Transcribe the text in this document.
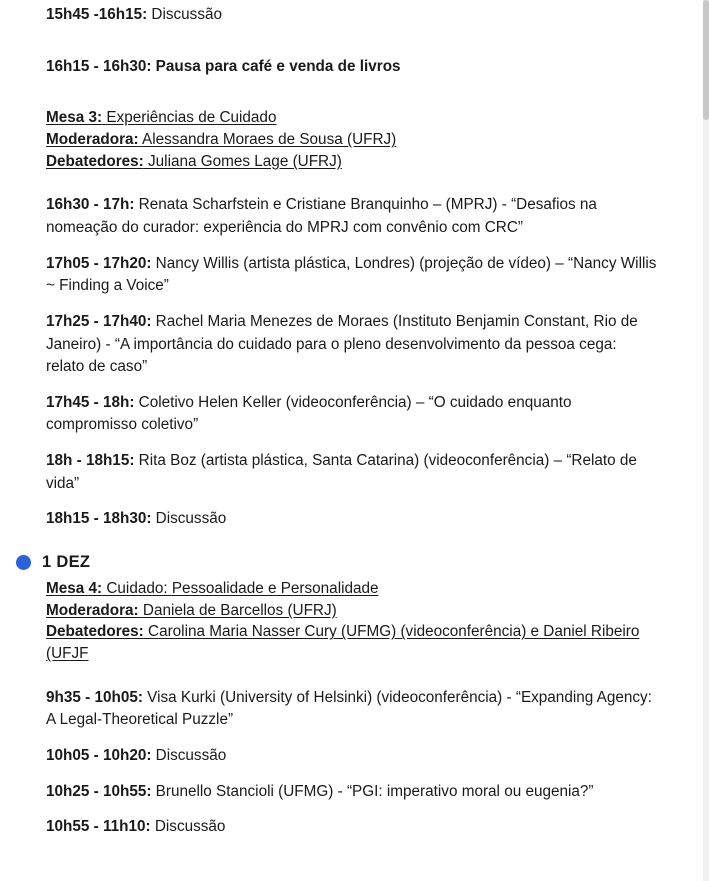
15h45 -16h15: Discussão

16h15 - 16h30: Pausa para café e venda de livros

Mesa 3: Experiências de Cuidado
Moderadora: Alessandra Moraes de Sousa (UFRJ)
Debatedores: Juliana Gomes Lage (UFRJ)

16h30 - 17h: Renata Scharfstein e Cristiane Branquinho – (MPRJ) - “Desafios na nomeação do curador: experiência do MPRJ com convênio com CRC”

17h05 - 17h20: Nancy Willis (artista plástica, Londres) (projeção de vídeo) – “Nancy Willis ~ Finding a Voice”

17h25 - 17h40: Rachel Maria Menezes de Moraes (Instituto Benjamin Constant, Rio de Janeiro) - “A importância do cuidado para o pleno desenvolvimento da pessoa cega: relato de caso”

17h45 - 18h: Coletivo Helen Keller (videoconferência) – “O cuidado enquanto compromisso coletivo”

18h - 18h15: Rita Boz (artista plástica, Santa Catarina) (videoconferência) – “Relato de vida”

18h15 - 18h30: Discussão

1 DEZ
Mesa 4: Cuidado: Pessoalidade e Personalidade
Moderadora: Daniela de Barcellos (UFRJ)
Debatedores: Carolina Maria Nasser Cury (UFMG) (videoconferência) e Daniel Ribeiro (UFJF

9h35 - 10h05: Visa Kurki (University of Helsinki) (videoconferência) - “Expanding Agency: A Legal-Theoretical Puzzle”

10h05 - 10h20: Discussão

10h25 - 10h55: Brunello Stancioli (UFMG) - “PGI: imperativo moral ou eugenia?”

10h55 - 11h10: Discussão
